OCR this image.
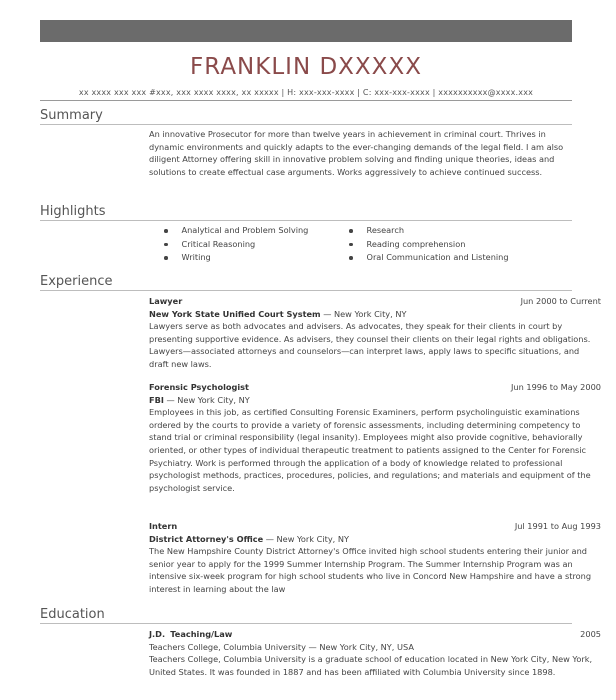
FRANKLIN DXXXXX
xx xxxx xxx xxx #xxx, xxx xxxx xxxx, xx xxxxx | H: xxx-xxx-xxxx | C: xxx-xxx-xxxx | xxxxxxxxxx@xxxx.xxx
Summary
An innovative Prosecutor for more than twelve years in achievement in criminal court. Thrives in dynamic environments and quickly adapts to the ever-changing demands of the legal field. I am also diligent Attorney offering skill in innovative problem solving and finding unique theories, ideas and solutions to create effectual case arguments. Works aggressively to achieve continued success.
Highlights
Analytical and Problem Solving
Critical Reasoning
Writing
Research
Reading comprehension
Oral Communication and Listening
Experience
Lawyer	Jun 2000 to Current
New York State Unified Court System — New York City, NY
Lawyers serve as both advocates and advisers. As advocates, they speak for their clients in court by presenting supportive evidence. As advisers, they counsel their clients on their legal rights and obligations. Lawyers—associated attorneys and counselors—can interpret laws, apply laws to specific situations, and draft new laws.
Forensic Psychologist	Jun 1996 to May 2000
FBI — New York City, NY
Employees in this job, as certified Consulting Forensic Examiners, perform psycholinguistic examinations ordered by the courts to provide a variety of forensic assessments, including determining competency to stand trial or criminal responsibility (legal insanity). Employees might also provide cognitive, behaviorally oriented, or other types of individual therapeutic treatment to patients assigned to the Center for Forensic Psychiatry. Work is performed through the application of a body of knowledge related to professional psychologist methods, practices, procedures, policies, and regulations; and materials and equipment of the psychologist service.
Intern	Jul 1991 to Aug 1993
District Attorney's Office — New York City, NY
The New Hampshire County District Attorney's Office invited high school students entering their junior and senior year to apply for the 1999 Summer Internship Program. The Summer Internship Program was an intensive six-week program for high school students who live in Concord New Hampshire and have a strong interest in learning about the law
Education
J.D. Teaching/Law	2005
Teachers College, Columbia University — New York City, NY, USA
Teachers College, Columbia University is a graduate school of education located in New York City, New York, United States. It was founded in 1887 and has been affiliated with Columbia University since 1898.
